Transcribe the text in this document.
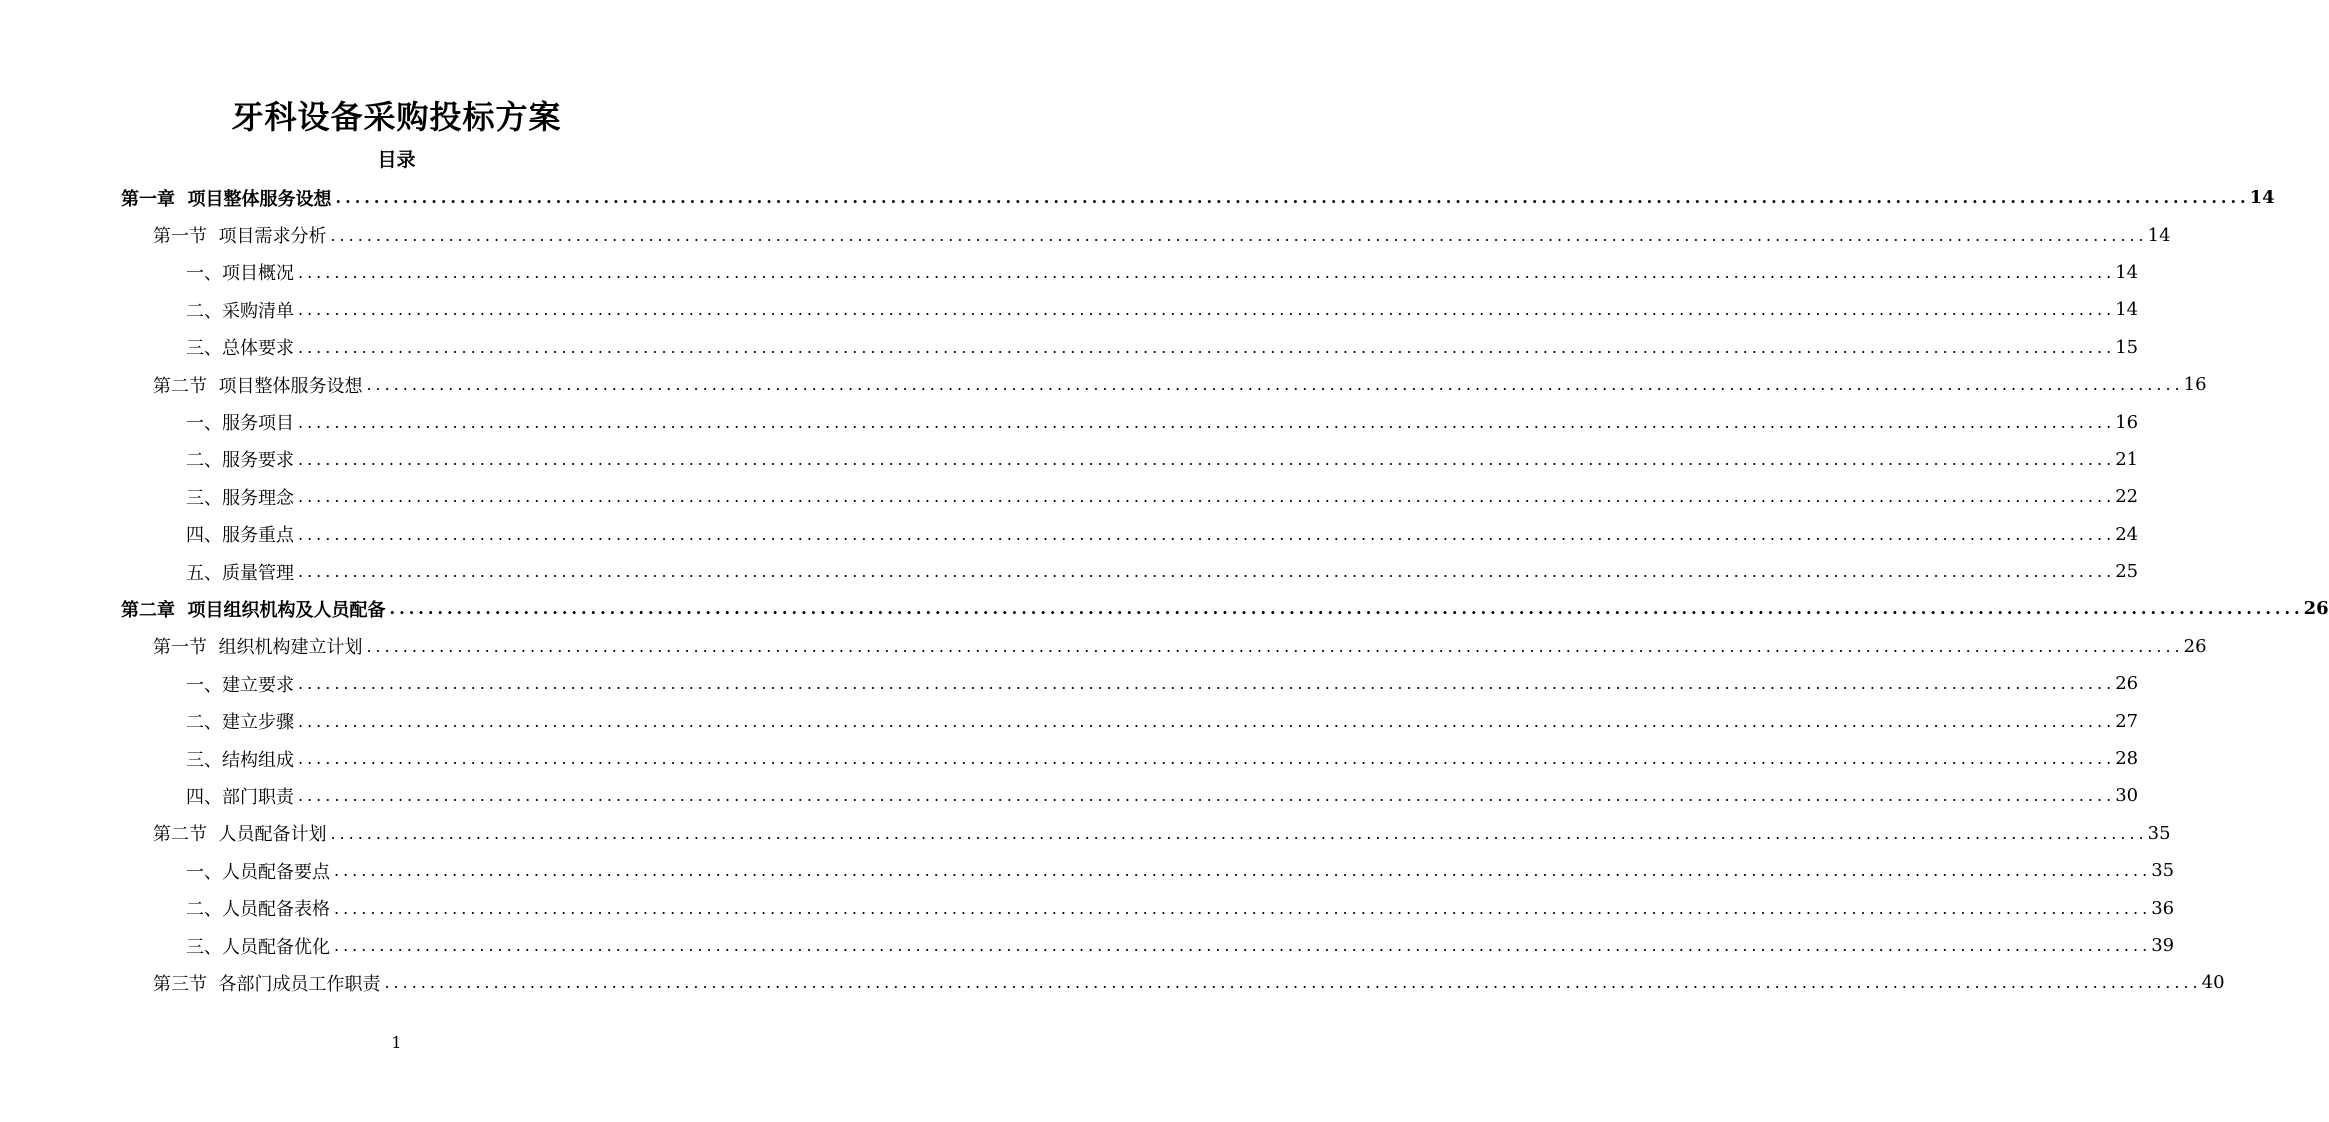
牙科设备采购投标方案
目录
第一章  项目整体服务设想 ........................................................................................................................................................................................................ 14
第一节  项目需求分析 ........................................................................................................................................................................................................ 14
一、项目概况 ........................................................................................................................................................................................................ 14
二、采购清单 ........................................................................................................................................................................................................ 14
三、总体要求 ........................................................................................................................................................................................................ 15
第二节  项目整体服务设想 ........................................................................................................................................................................................................ 16
一、服务项目 ........................................................................................................................................................................................................ 16
二、服务要求 ........................................................................................................................................................................................................ 21
三、服务理念 ........................................................................................................................................................................................................ 22
四、服务重点 ........................................................................................................................................................................................................ 24
五、质量管理 ........................................................................................................................................................................................................ 25
第二章  项目组织机构及人员配备 ........................................................................................................................................................................................................ 26
第一节  组织机构建立计划 ........................................................................................................................................................................................................ 26
一、建立要求 ........................................................................................................................................................................................................ 26
二、建立步骤 ........................................................................................................................................................................................................ 27
三、结构组成 ........................................................................................................................................................................................................ 28
四、部门职责 ........................................................................................................................................................................................................ 30
第二节  人员配备计划 ........................................................................................................................................................................................................ 35
一、人员配备要点 ........................................................................................................................................................................................................ 35
二、人员配备表格 ........................................................................................................................................................................................................ 36
三、人员配备优化 ........................................................................................................................................................................................................ 39
第三节  各部门成员工作职责 ........................................................................................................................................................................................................ 40
1
